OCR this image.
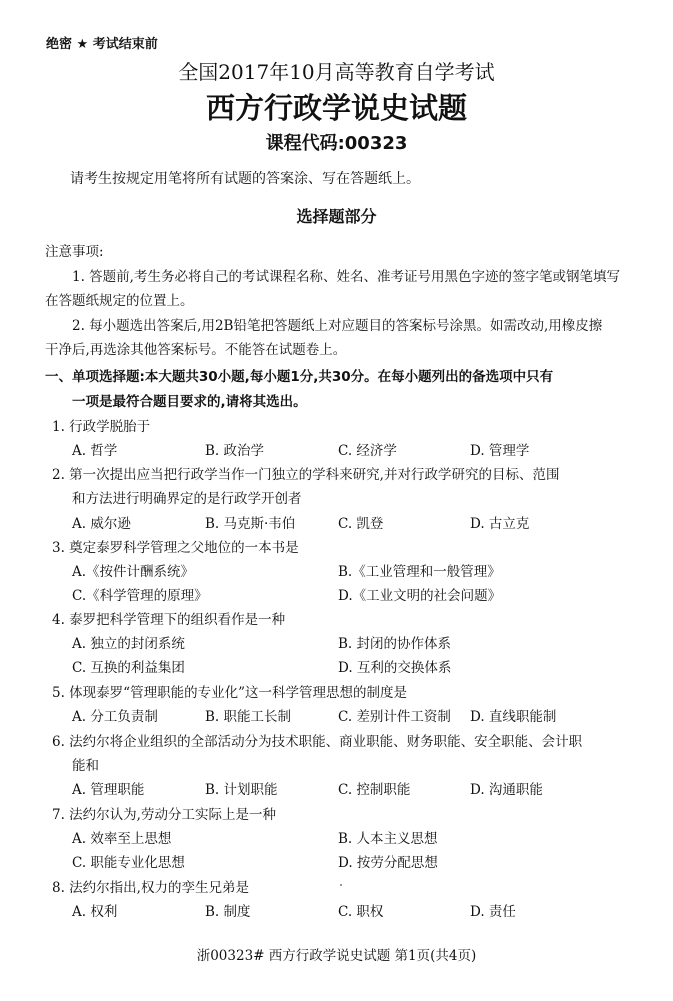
绝密 ★ 考试结束前
全国2017年10月高等教育自学考试
西方行政学说史试题
课程代码:00323
请考生按规定用笔将所有试题的答案涂、写在答题纸上。
选择题部分
注意事项:
1. 答题前,考生务必将自己的考试课程名称、姓名、准考证号用黑色字迹的签字笔或钢笔填写
在答题纸规定的位置上。
2. 每小题选出答案后,用2B铅笔把答题纸上对应题目的答案标号涂黑。如需改动,用橡皮擦
干净后,再选涂其他答案标号。不能答在试题卷上。
一、单项选择题:本大题共30小题,每小题1分,共30分。在每小题列出的备选项中只有
一项是最符合题目要求的,请将其选出。
1. 行政学脱胎于
A. 哲学	B. 政治学	C. 经济学	D. 管理学
2. 第一次提出应当把行政学当作一门独立的学科来研究,并对行政学研究的目标、范围
和方法进行明确界定的是行政学开创者
A. 威尔逊	B. 马克斯·韦伯	C. 凯登	D. 古立克
3. 奠定泰罗科学管理之父地位的一本书是
A.《按件计酬系统》	B.《工业管理和一般管理》
C.《科学管理的原理》	D.《工业文明的社会问题》
4. 泰罗把科学管理下的组织看作是一种
A. 独立的封闭系统	B. 封闭的协作体系
C. 互换的利益集团	D. 互利的交换体系
5. 体现泰罗“管理职能的专业化”这一科学管理思想的制度是
A. 分工负责制	B. 职能工长制	C. 差别计件工资制 D. 直线职能制
6. 法约尔将企业组织的全部活动分为技术职能、商业职能、财务职能、安全职能、会计职
能和
A. 管理职能	B. 计划职能	C. 控制职能	D. 沟通职能
7. 法约尔认为,劳动分工实际上是一种
A. 效率至上思想	B. 人本主义思想
C. 职能专业化思想	D. 按劳分配思想
8. 法约尔指出,权力的孪生兄弟是
A. 权利	B. 制度	C. 职权	D. 责任
浙00323# 西方行政学说史试题 第1页(共4页)
